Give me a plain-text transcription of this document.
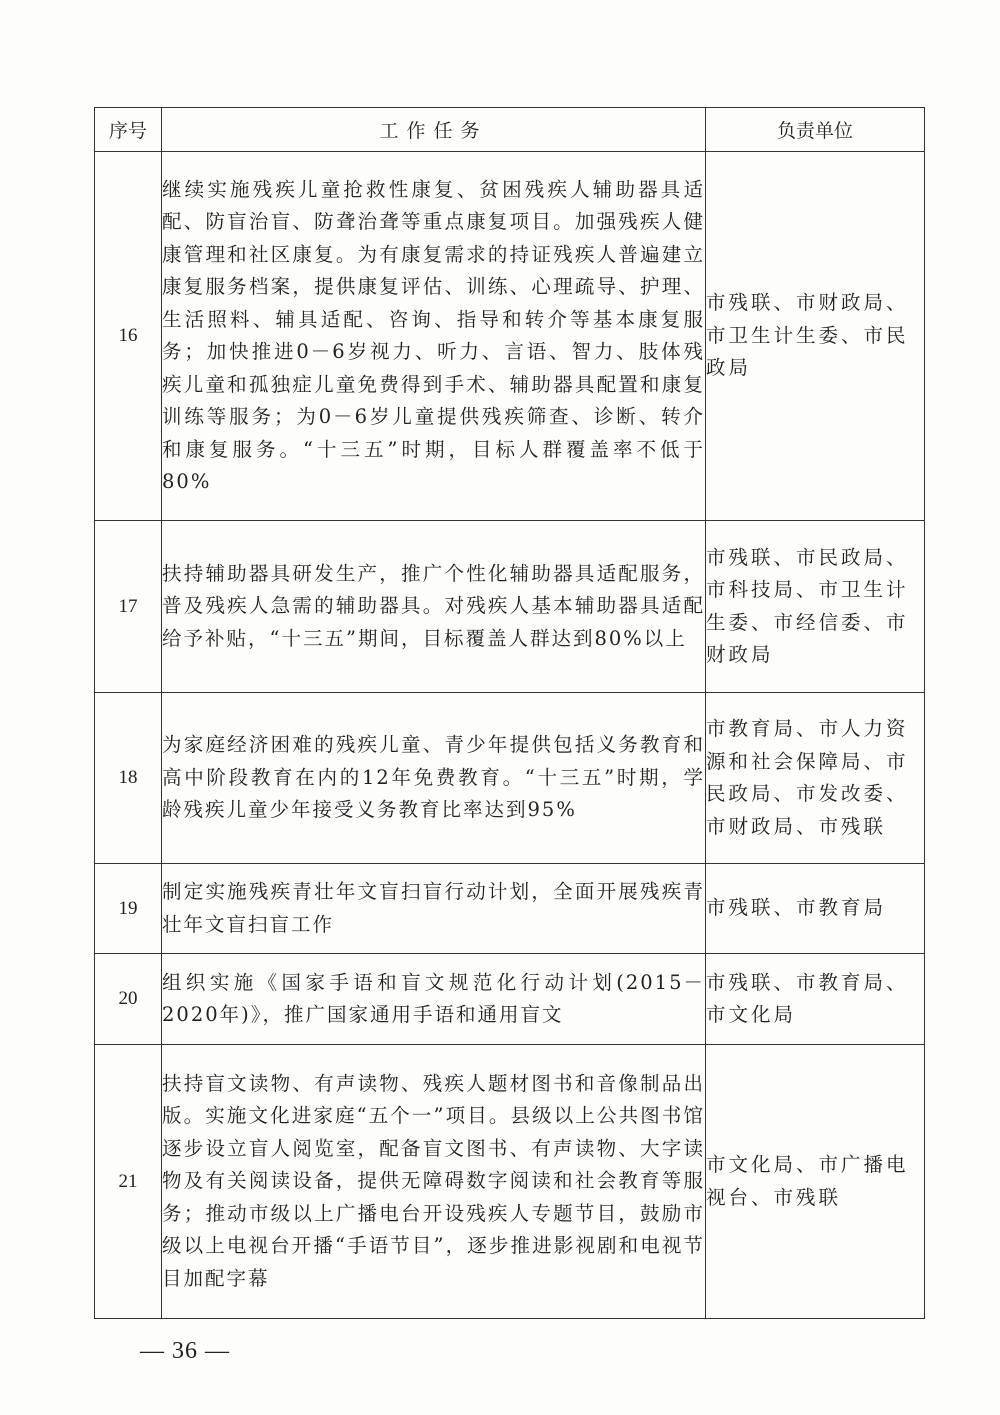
序号	工作任务	负责单位
16	继续实施残疾儿童抢救性康复、贫困残疾人辅助器具适配、防盲治盲、防聋治聋等重点康复项目。加强残疾人健康管理和社区康复。为有康复需求的持证残疾人普遍建立康复服务档案，提供康复评估、训练、心理疏导、护理、生活照料、辅具适配、咨询、指导和转介等基本康复服务；加快推进0－6岁视力、听力、言语、智力、肢体残疾儿童和孤独症儿童免费得到手术、辅助器具配置和康复训练等服务；为0－6岁儿童提供残疾筛查、诊断、转介和康复服务。“十三五”时期，目标人群覆盖率不低于80%	市残联、市财政局、市卫生计生委、市民政局
17	扶持辅助器具研发生产，推广个性化辅助器具适配服务，普及残疾人急需的辅助器具。对残疾人基本辅助器具适配给予补贴，“十三五”期间，目标覆盖人群达到80%以上	市残联、市民政局、市科技局、市卫生计生委、市经信委、市财政局
18	为家庭经济困难的残疾儿童、青少年提供包括义务教育和高中阶段教育在内的12年免费教育。“十三五”时期，学龄残疾儿童少年接受义务教育比率达到95%	市教育局、市人力资源和社会保障局、市民政局、市发改委、市财政局、市残联
19	制定实施残疾青壮年文盲扫盲行动计划，全面开展残疾青壮年文盲扫盲工作	市残联、市教育局
20	组织实施《国家手语和盲文规范化行动计划(2015－2020年)》，推广国家通用手语和通用盲文	市残联、市教育局、市文化局
21	扶持盲文读物、有声读物、残疾人题材图书和音像制品出版。实施文化进家庭“五个一”项目。县级以上公共图书馆逐步设立盲人阅览室，配备盲文图书、有声读物、大字读物及有关阅读设备，提供无障碍数字阅读和社会教育等服务；推动市级以上广播电台开设残疾人专题节目，鼓励市级以上电视台开播“手语节目”，逐步推进影视剧和电视节目加配字幕	市文化局、市广播电视台、市残联
— 36 —
